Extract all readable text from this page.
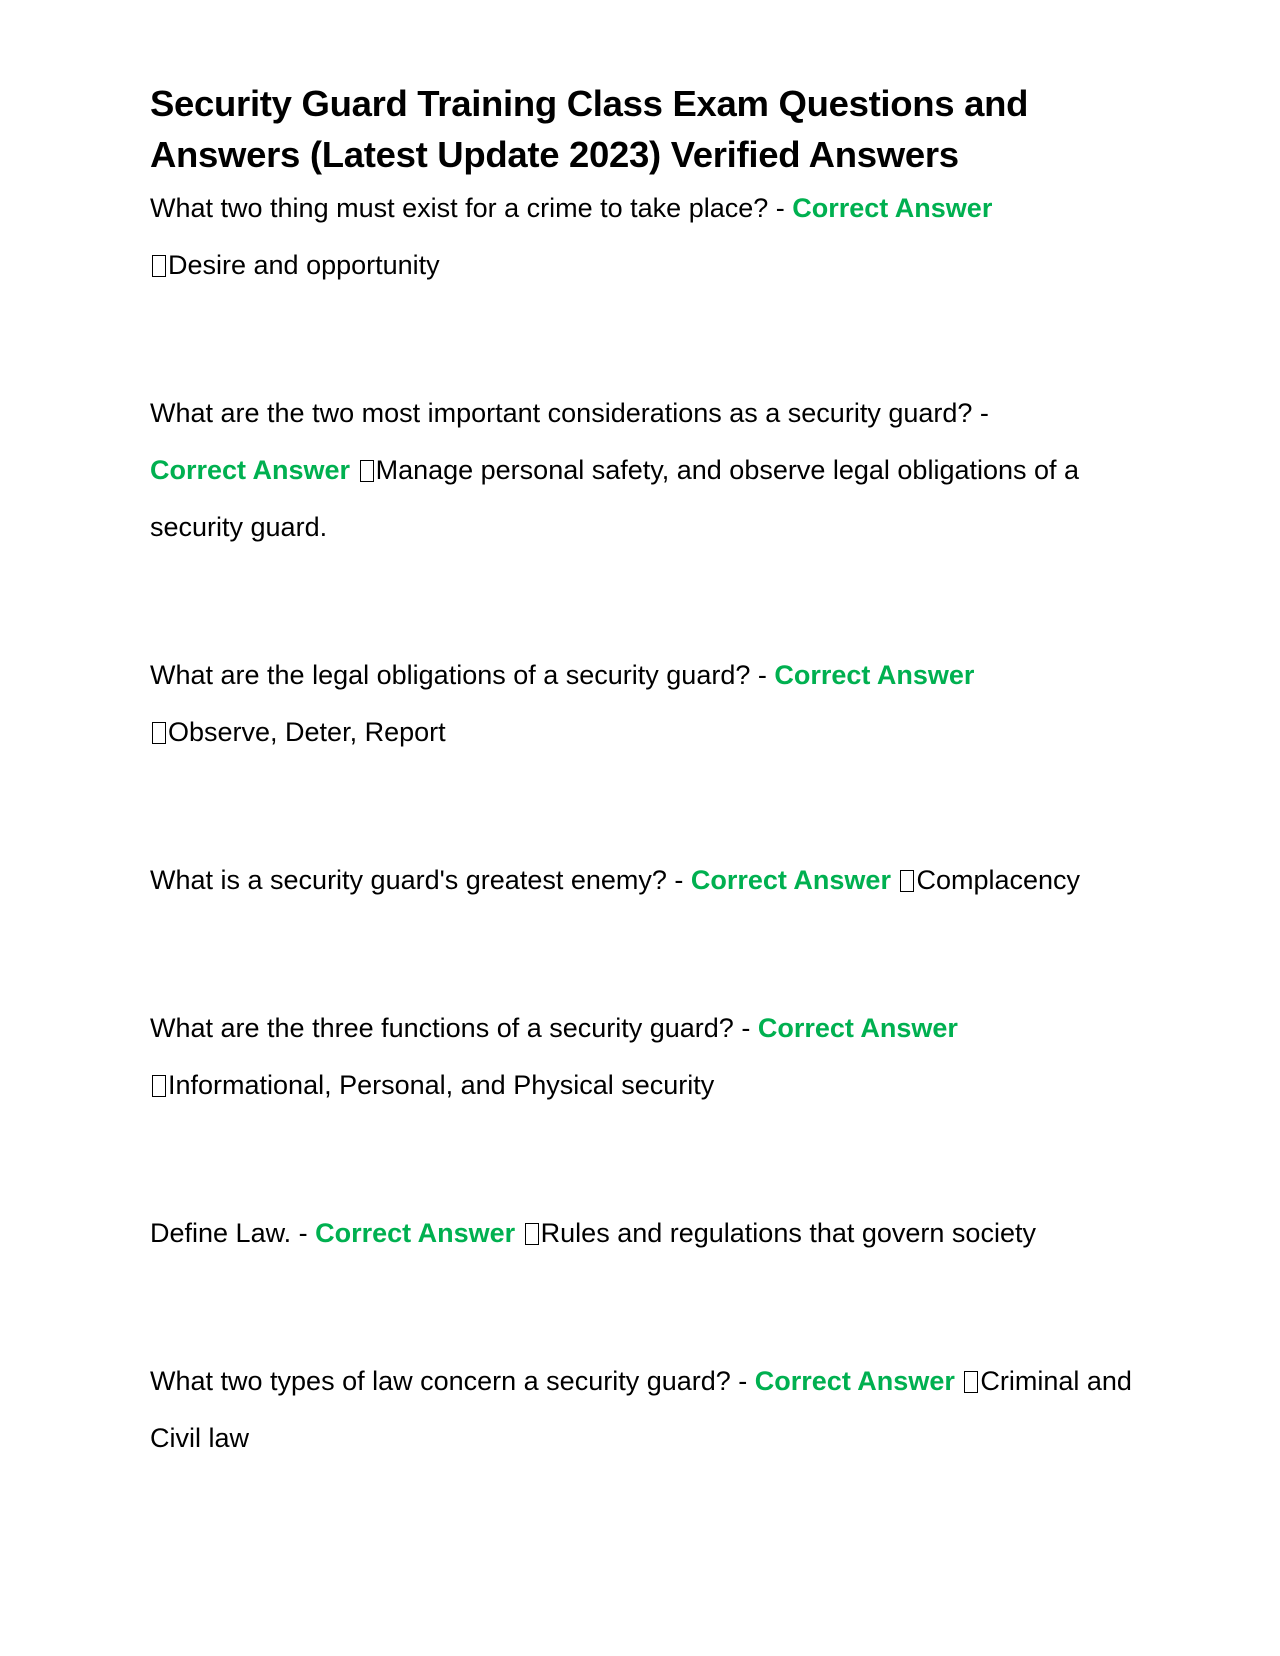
Security Guard Training Class Exam Questions and Answers (Latest Update 2023) Verified Answers

What two thing must exist for a crime to take place? - Correct Answer
Desire and opportunity

What are the two most important considerations as a security guard? -
Correct Answer Manage personal safety, and observe legal obligations of a security guard.

What are the legal obligations of a security guard? - Correct Answer
Observe, Deter, Report

What is a security guard's greatest enemy? - Correct Answer Complacency

What are the three functions of a security guard? - Correct Answer
Informational, Personal, and Physical security

Define Law. - Correct Answer Rules and regulations that govern society

What two types of law concern a security guard? - Correct Answer Criminal and Civil law
